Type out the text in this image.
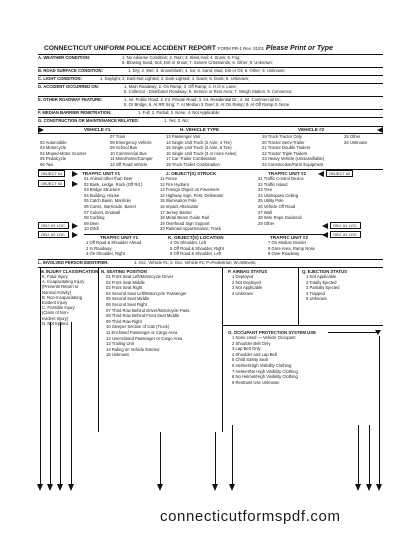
CONNECTICUT UNIFORM POLICE ACCIDENT REPORT FORM PR-1 Rev. 01/01 Please Print or Type
A. WEATHER CONDITION:	1. No Adverse Condition; 2. Rain; 3. Sleet,Hail; 4. Snow; 5. Fog;
6. Blowing Sand, Soil, Dirt or Snow; 7. Severe Crosswinds; 8. Other; 9. Unknown;
B. ROAD SURFACE CONDITION:	1. Dry; 2. Wet; 3. Snow/Slush; 4. Ice; 5. Sand, Mud, Dirt or Oil; 8. Other; 9. Unknown;
C. LIGHT CONDITION:	1. Daylight; 2. Dark-Not Lighted; 3. Dark-Lighted; 4. Dawn; 5. Dusk; 9. Unknown;
D. ACCIDENT OCCURRED ON:	1. Main Roadway; 2. On Ramp; 3. Off Ramp; 4. H.O.V. Lane;
5. Collector - Distributor Roadway; 6. Service or Rest Area; 7. Weigh Station; 8. Connector;
E. OTHER ROADWAY FEATURE:	1. Int. Public Road; 2. Int. Private Road; 3. Int. Residential Dr.; 4. Int. Commercial Dr.;
5. Or Bridge; 6. At RR Xing; 7. At Median X Over; 8. At On Ramp; 9. At Off Ramp 0. None
F. MEDIAN BARRIER PENETRATION:	1. Full; 2. Partial; 3. None; 4. Not Applicable;
G. CONSTRUCTION OR MAINTENANCE RELATED:	1. Yes; 2. No;
VEHICLE #1	H. VEHICLE TYPE	VEHICLE #2
07 Train	13 Passenger Van	19 Truck Tractor Only	25 Other
02 Automobile	08 Emergency Vehicle	14 Single Unit Truck (2 Axle, 4 Tire)	20 Tractor Semi-Trailer	26 Unknown
03 Motorcycle	09 School Bus	15 Single Unit Truck (2 Axle, 6 Tire)	21 Tractor Double Trailers
04 Moped-Motor Scooter	10 Commercial Bus	16 Single Unit Truck (3 or more Axles)	22 Tractor Triple Trailers
05 Pedalcycle	11 Motorhome/Camper	17 Car-Trailer Combination	23 Heavy Vehicle (Unclassifiable)
06 Taxi	12 Off Road Vehicle	18 Truck-Trailer Combination	24 Construction/Farm Equipment
OBJECT #1	TRAFFIC UNIT #1	J. OBJECT(S) STRUCK	TRAFFIC UNIT #2	OBJECT #2
OBJECT #2
01 Animal other than Deer
02 Bank, Ledge, Rock (Off Rd.)
03 Bridge Structure
04 Building, House
05 Catch Basin, Manhole
06 Const., Barricade, Barrel
07 Culvert, Endwall
08 Curbing
09 Deer
10 Ditch
11 Fence
12 Fire Hydrant
13 Foreign Object on Pavement
14 Highway Sign, Post, Delineator
15 Illumination Pole
16 Impact Attenuator
17 Jersey Barrier
18 Metal Beam Guide Rail
19 Overhead Sign Support
20 Railroad Appurtenance, Track
21 Traffic Control Device
22 Traffic Island
23 Tree
24 Underpass Ceiling
25 Utility Pole
26 Vehicle Off Road
27 Wall
28 Wire Rope Guiderail
29 Other
OBJ. #1 LOC.
OBJ. #2 LOC.
OBJ. #1 LOC.
OBJ. #2 LOC.
TRAFFIC UNIT #1	K. OBJECT(S) LOCATION	TRAFFIC UNIT #2
1 Off Road & Shoulder Ahead
2 In Roadway
3 On Shoulder, Right
4 On Shoulder, Left
5 Off Road & Shoulder, Right
6 Off Road & Shoulder, Left
7 On Median Divider
8 Gore Area, Ramp Nose
9 Over Roadway
L. INVOLVED PERSON IDENTIFIER:	1. Occ. Vehicle #1; 2. Occ. Vehicle #2; P=Pedestrian; W=Witness;
M. INJURY CLASSIFICATION
K. Fatal Injury
A. Incapacitating Injury
(Prevents Return to
Normal Activity)
B. Non-Incapacitating
Evident Injury
C. Possible Injury
(Claim of Non-
evident Injury)
N. Not Injured
N. SEATING POSITION
01 Front Seat Left/Motorcycle Driver
02 Front Seat Middle
03 Front Seat Right
04 Second Seat Left/Motorcycle Passenger
05 Second Seat Middle
06 Second Seat Right
07 Third Row Behind Driver/Motorcycle Pass.
08 Third Row Behind Front Seat Middle
09 Third Row Right
10 Sleeper Section of Cab (Truck)
11 Enclosed Passenger or Cargo Area
12 Unenclosed Passenger or Cargo Area
13 Trailing Unit
14 Riding on Vehicle Exterior
15 Unknown
P. AIRBAG STATUS
1 Deployed
2 Not Deployed
3 Not Applicable
4 Unknown
Q. EJECTION STATUS
1 Not Applicable
2 Totally Ejected
3 Partially Ejected
4 Trapped
5 Unknown
O. OCCUPANT PROTECTION SYSTEM USE
1 None Used — Vehicle Occupant
2 Shoulder Belt Only
3 Lap Belt Only
4 Shoulder and Lap Belt
5 Child Safety Seat
6 Helmet/High Visibility Clothing
7 Helmet/No High Visibility Clothing
8 No Helmet/High Visibility Clothing
9 Restraint Use Unknown
connecticutformspdf.com
